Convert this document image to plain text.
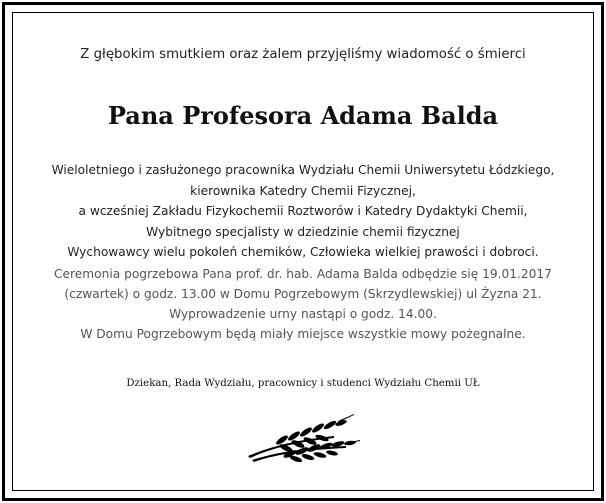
Z głębokim smutkiem oraz żalem przyjęliśmy wiadomość o śmierci
Pana Profesora Adama Balda
Wieloletniego i zasłużonego pracownika Wydziału Chemii Uniwersytetu Łódzkiego,
kierownika Katedry Chemii Fizycznej,
a wcześniej Zakładu Fizykochemii Roztworów i Katedry Dydaktyki Chemii,
Wybitnego specjalisty w dziedzinie chemii fizycznej
Wychowawcy wielu pokoleń chemików, Człowieka wielkiej prawości i dobroci.
Ceremonia pogrzebowa Pana prof. dr. hab. Adama Balda odbędzie się 19.01.2017
(czwartek) o godz. 13.00 w Domu Pogrzebowym (Skrzydlewskiej) ul Żyzna 21.
Wyprowadzenie urny nastąpi o godz. 14.00.
W Domu Pogrzebowym będą miały miejsce wszystkie mowy pożegnalne.
Dziekan, Rada Wydziału, pracownicy i studenci Wydziału Chemii UŁ
